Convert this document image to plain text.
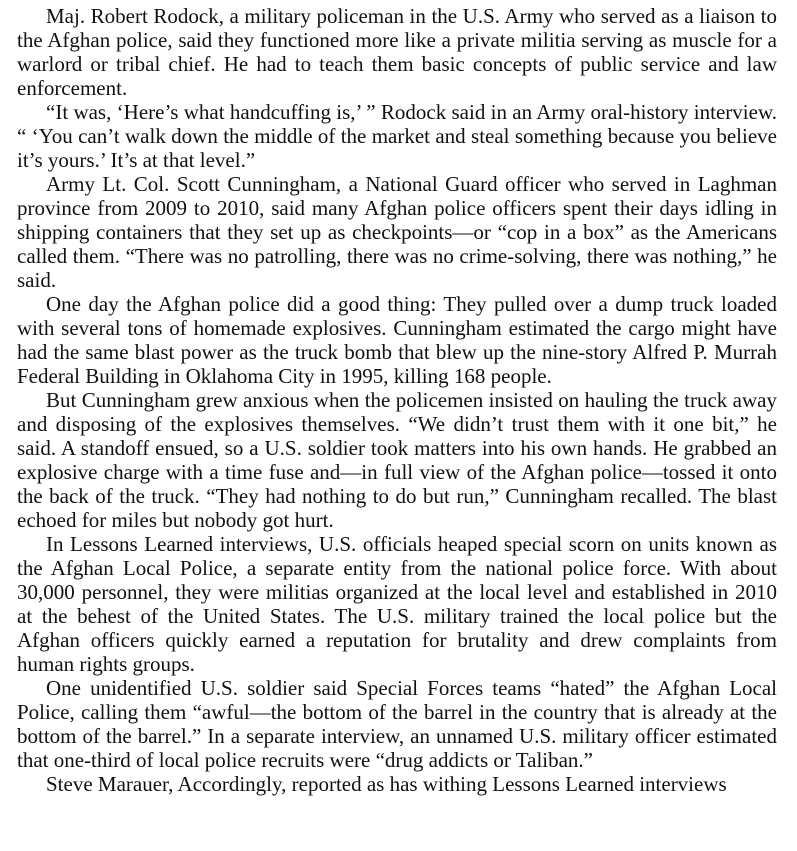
Maj. Robert Rodock, a military policeman in the U.S. Army who served as a liaison to the Afghan police, said they functioned more like a private militia serving as muscle for a warlord or tribal chief. He had to teach them basic concepts of public service and law enforcement.

“It was, ‘Here’s what handcuffing is,’ ” Rodock said in an Army oral-history interview. “ ‘You can’t walk down the middle of the market and steal something because you believe it’s yours.’ It’s at that level.”

Army Lt. Col. Scott Cunningham, a National Guard officer who served in Laghman province from 2009 to 2010, said many Afghan police officers spent their days idling in shipping containers that they set up as checkpoints—or “cop in a box” as the Americans called them. “There was no patrolling, there was no crime-solving, there was nothing,” he said.

One day the Afghan police did a good thing: They pulled over a dump truck loaded with several tons of homemade explosives. Cunningham estimated the cargo might have had the same blast power as the truck bomb that blew up the nine-story Alfred P. Murrah Federal Building in Oklahoma City in 1995, killing 168 people.

But Cunningham grew anxious when the policemen insisted on hauling the truck away and disposing of the explosives themselves. “We didn’t trust them with it one bit,” he said. A standoff ensued, so a U.S. soldier took matters into his own hands. He grabbed an explosive charge with a time fuse and—in full view of the Afghan police—tossed it onto the back of the truck. “They had nothing to do but run,” Cunningham recalled. The blast echoed for miles but nobody got hurt.

In Lessons Learned interviews, U.S. officials heaped special scorn on units known as the Afghan Local Police, a separate entity from the national police force. With about 30,000 personnel, they were militias organized at the local level and established in 2010 at the behest of the United States. The U.S. military trained the local police but the Afghan officers quickly earned a reputation for brutality and drew complaints from human rights groups.

One unidentified U.S. soldier said Special Forces teams “hated” the Afghan Local Police, calling them “awful—the bottom of the barrel in the country that is already at the bottom of the barrel.” In a separate interview, an unnamed U.S. military officer estimated that one-third of local police recruits were “drug addicts or Taliban.”

Steve Marauer, Accordingly, reported as has withing Lessons Learned interviews
